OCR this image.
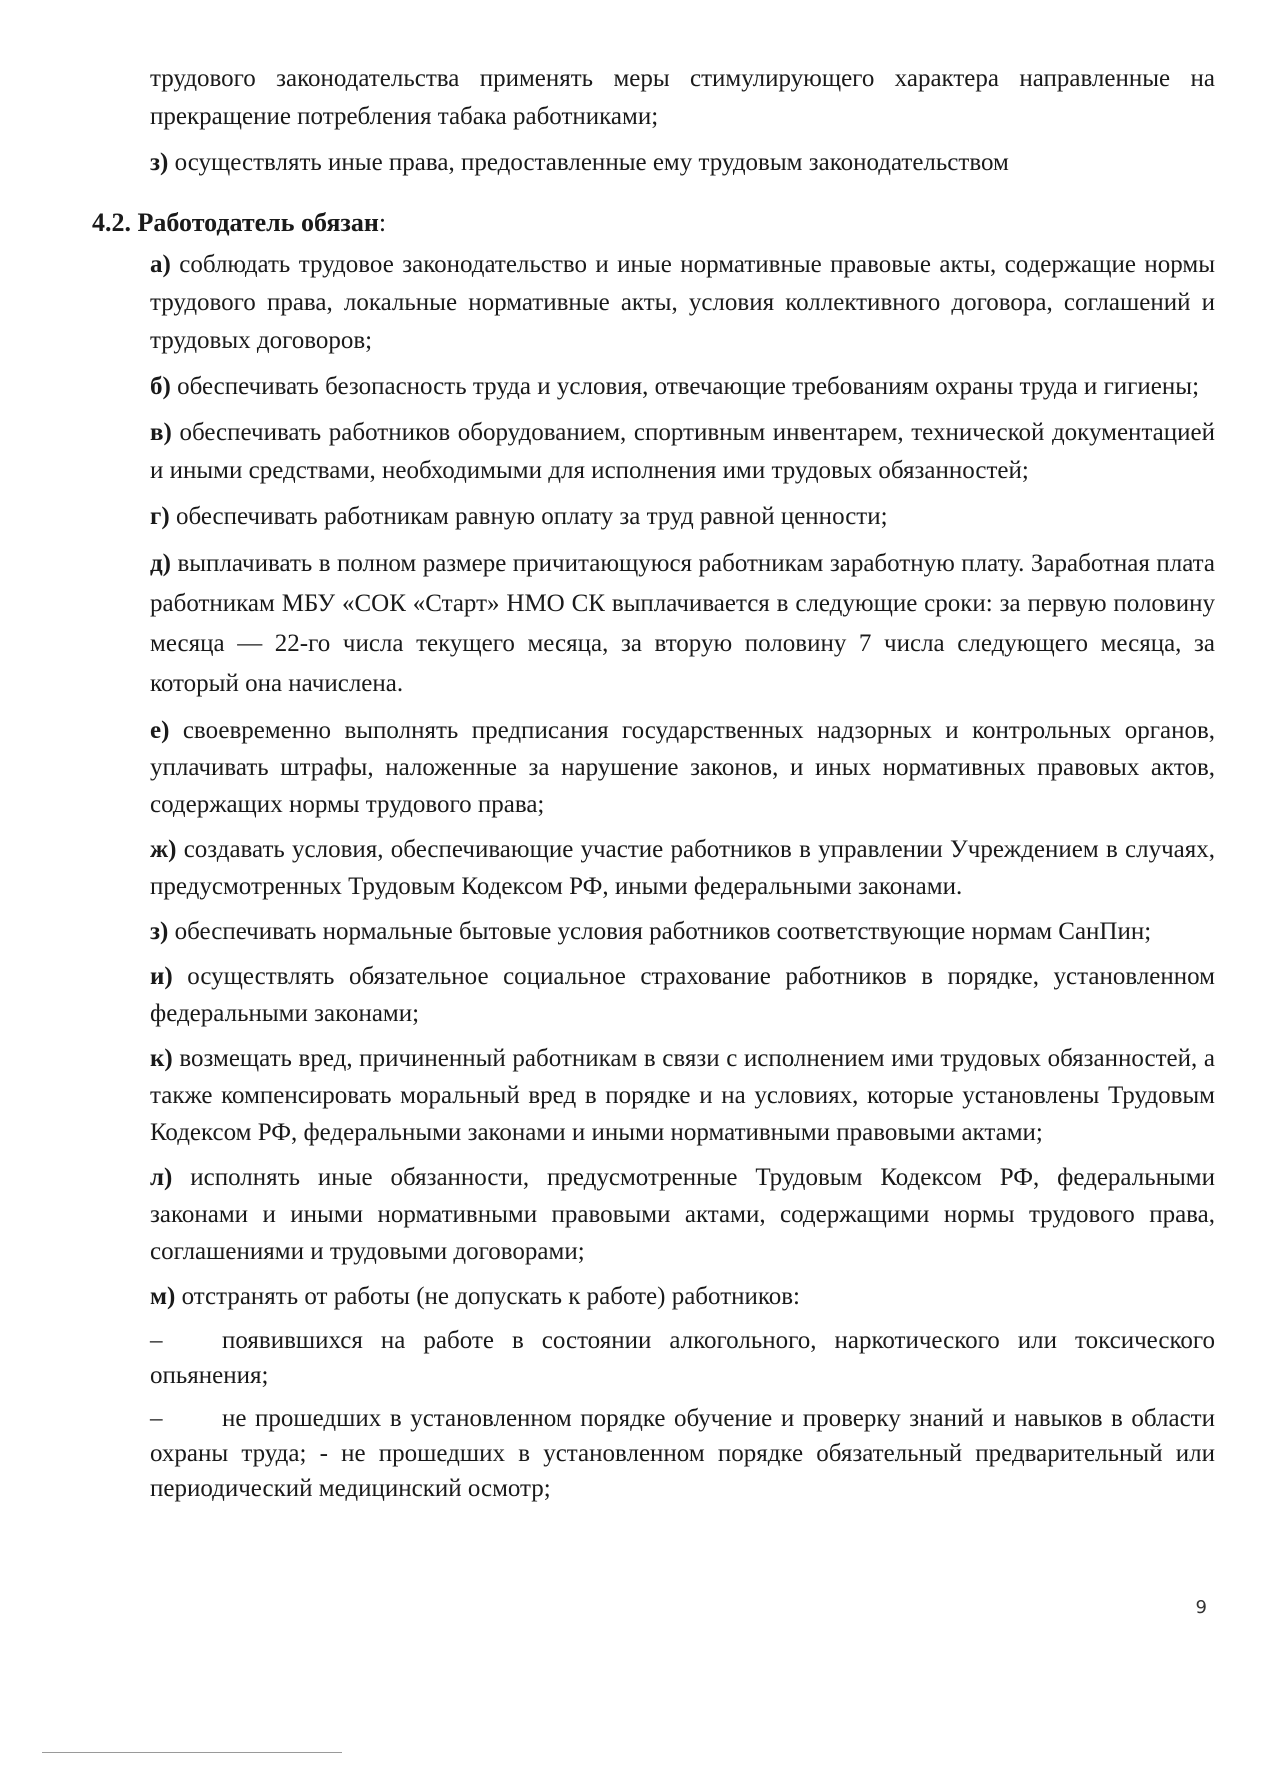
трудового законодательства применять меры стимулирующего характера направленные на прекращение потребления табака работниками;

з) осуществлять иные права, предоставленные ему трудовым законодательством

4.2. Работодатель обязан:

а) соблюдать трудовое законодательство и иные нормативные правовые акты, содержащие нормы трудового права, локальные нормативные акты, условия коллективного договора, соглашений и трудовых договоров;

б) обеспечивать безопасность труда и условия, отвечающие требованиям охраны труда и гигиены;

в) обеспечивать работников оборудованием, спортивным инвентарем, технической документацией и иными средствами, необходимыми для исполнения ими трудовых обязанностей;

г) обеспечивать работникам равную оплату за труд равной ценности;

д) выплачивать в полном размере причитающуюся работникам заработную плату. Заработная плата работникам МБУ «СОК «Старт» НМО СК выплачивается в следующие сроки: за первую половину месяца — 22-го числа текущего месяца, за вторую половину 7 числа следующего месяца, за который она начислена.

е) своевременно выполнять предписания государственных надзорных и контрольных органов, уплачивать штрафы, наложенные за нарушение законов, и иных нормативных правовых актов, содержащих нормы трудового права;

ж) создавать условия, обеспечивающие участие работников в управлении Учреждением в случаях, предусмотренных Трудовым Кодексом РФ, иными федеральными законами.

з) обеспечивать нормальные бытовые условия работников соответствующие нормам СанПин;

и) осуществлять обязательное социальное страхование работников в порядке, установленном федеральными законами;

к) возмещать вред, причиненный работникам в связи с исполнением ими трудовых обязанностей, а также компенсировать моральный вред в порядке и на условиях, которые установлены Трудовым Кодексом РФ, федеральными законами и иными нормативными правовыми актами;

л) исполнять иные обязанности, предусмотренные Трудовым Кодексом РФ, федеральными законами и иными нормативными правовыми актами, содержащими нормы трудового права, соглашениями и трудовыми договорами;

м) отстранять от работы (не допускать к работе) работников:

– появившихся на работе в состоянии алкогольного, наркотического или токсического опьянения;

– не прошедших в установленном порядке обучение и проверку знаний и навыков в области охраны труда; - не прошедших в установленном порядке обязательный предварительный или периодический медицинский осмотр;

9
